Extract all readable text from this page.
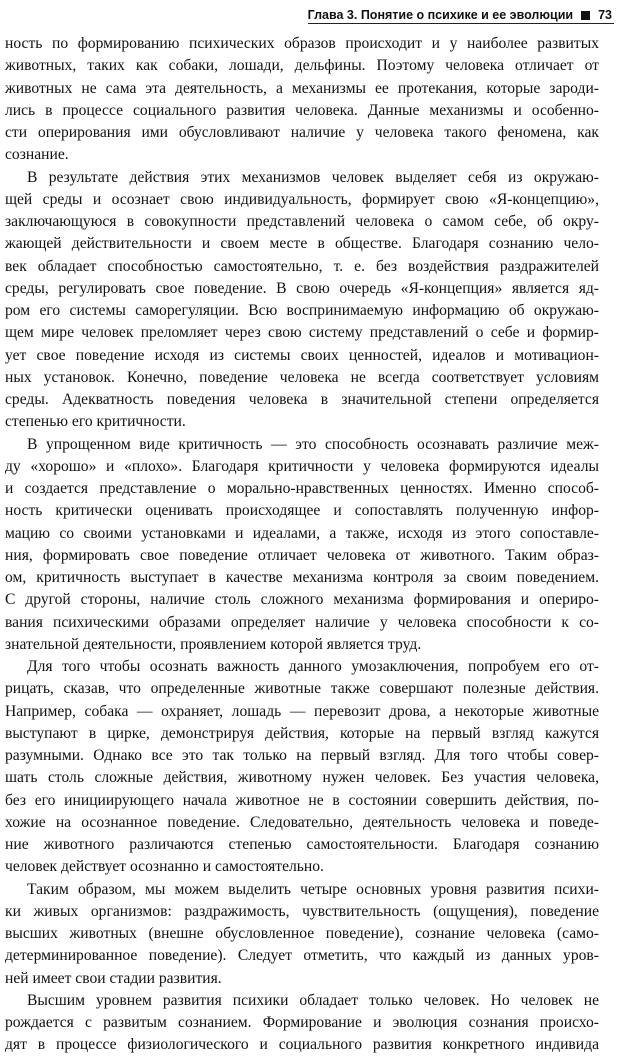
Глава 3. Понятие о психике и ее эволюции 73
ность по формированию психических образов происходит и у наиболее развитых
животных, таких как собаки, лошади, дельфины. Поэтому человека отличает от
животных не сама эта деятельность, а механизмы ее протекания, которые зароди-
лись в процессе социального развития человека. Данные механизмы и особенно-
сти оперирования ими обусловливают наличие у человека такого феномена, как
сознание.
В результате действия этих механизмов человек выделяет себя из окружаю-
щей среды и осознает свою индивидуальность, формирует свою «Я-концепцию»,
заключающуюся в совокупности представлений человека о самом себе, об окру-
жающей действительности и своем месте в обществе. Благодаря сознанию чело-
век обладает способностью самостоятельно, т. е. без воздействия раздражителей
среды, регулировать свое поведение. В свою очередь «Я-концепция» является яд-
ром его системы саморегуляции. Всю воспринимаемую информацию об окружаю-
щем мире человек преломляет через свою систему представлений о себе и формир-
ует свое поведение исходя из системы своих ценностей, идеалов и мотивацион-
ных установок. Конечно, поведение человека не всегда соответствует условиям
среды. Адекватность поведения человека в значительной степени определяется
степенью его критичности.
В упрощенном виде критичность — это способность осознавать различие меж-
ду «хорошо» и «плохо». Благодаря критичности у человека формируются идеалы
и создается представление о морально-нравственных ценностях. Именно способ-
ность критически оценивать происходящее и сопоставлять полученную инфор-
мацию со своими установками и идеалами, а также, исходя из этого сопоставле-
ния, формировать свое поведение отличает человека от животного. Таким образ-
ом, критичность выступает в качестве механизма контроля за своим поведением.
С другой стороны, наличие столь сложного механизма формирования и опериро-
вания психическими образами определяет наличие у человека способности к со-
знательной деятельности, проявлением которой является труд.
Для того чтобы осознать важность данного умозаключения, попробуем его от-
рицать, сказав, что определенные животные также совершают полезные действия.
Например, собака — охраняет, лошадь — перевозит дрова, а некоторые животные
выступают в цирке, демонстрируя действия, которые на первый взгляд кажутся
разумными. Однако все это так только на первый взгляд. Для того чтобы совер-
шать столь сложные действия, животному нужен человек. Без участия человека,
без его инициирующего начала животное не в состоянии совершить действия, по-
хожие на осознанное поведение. Следовательно, деятельность человека и поведе-
ние животного различаются степенью самостоятельности. Благодаря сознанию
человек действует осознанно и самостоятельно.
Таким образом, мы можем выделить четыре основных уровня развития психи-
ки живых организмов: раздражимость, чувствительность (ощущения), поведение
высших животных (внешне обусловленное поведение), сознание человека (само-
детерминированное поведение). Следует отметить, что каждый из данных уров-
ней имеет свои стадии развития.
Высшим уровнем развития психики обладает только человек. Но человек не
рождается с развитым сознанием. Формирование и эволюция сознания происхо-
дят в процессе физиологического и социального развития конкретного индивида
